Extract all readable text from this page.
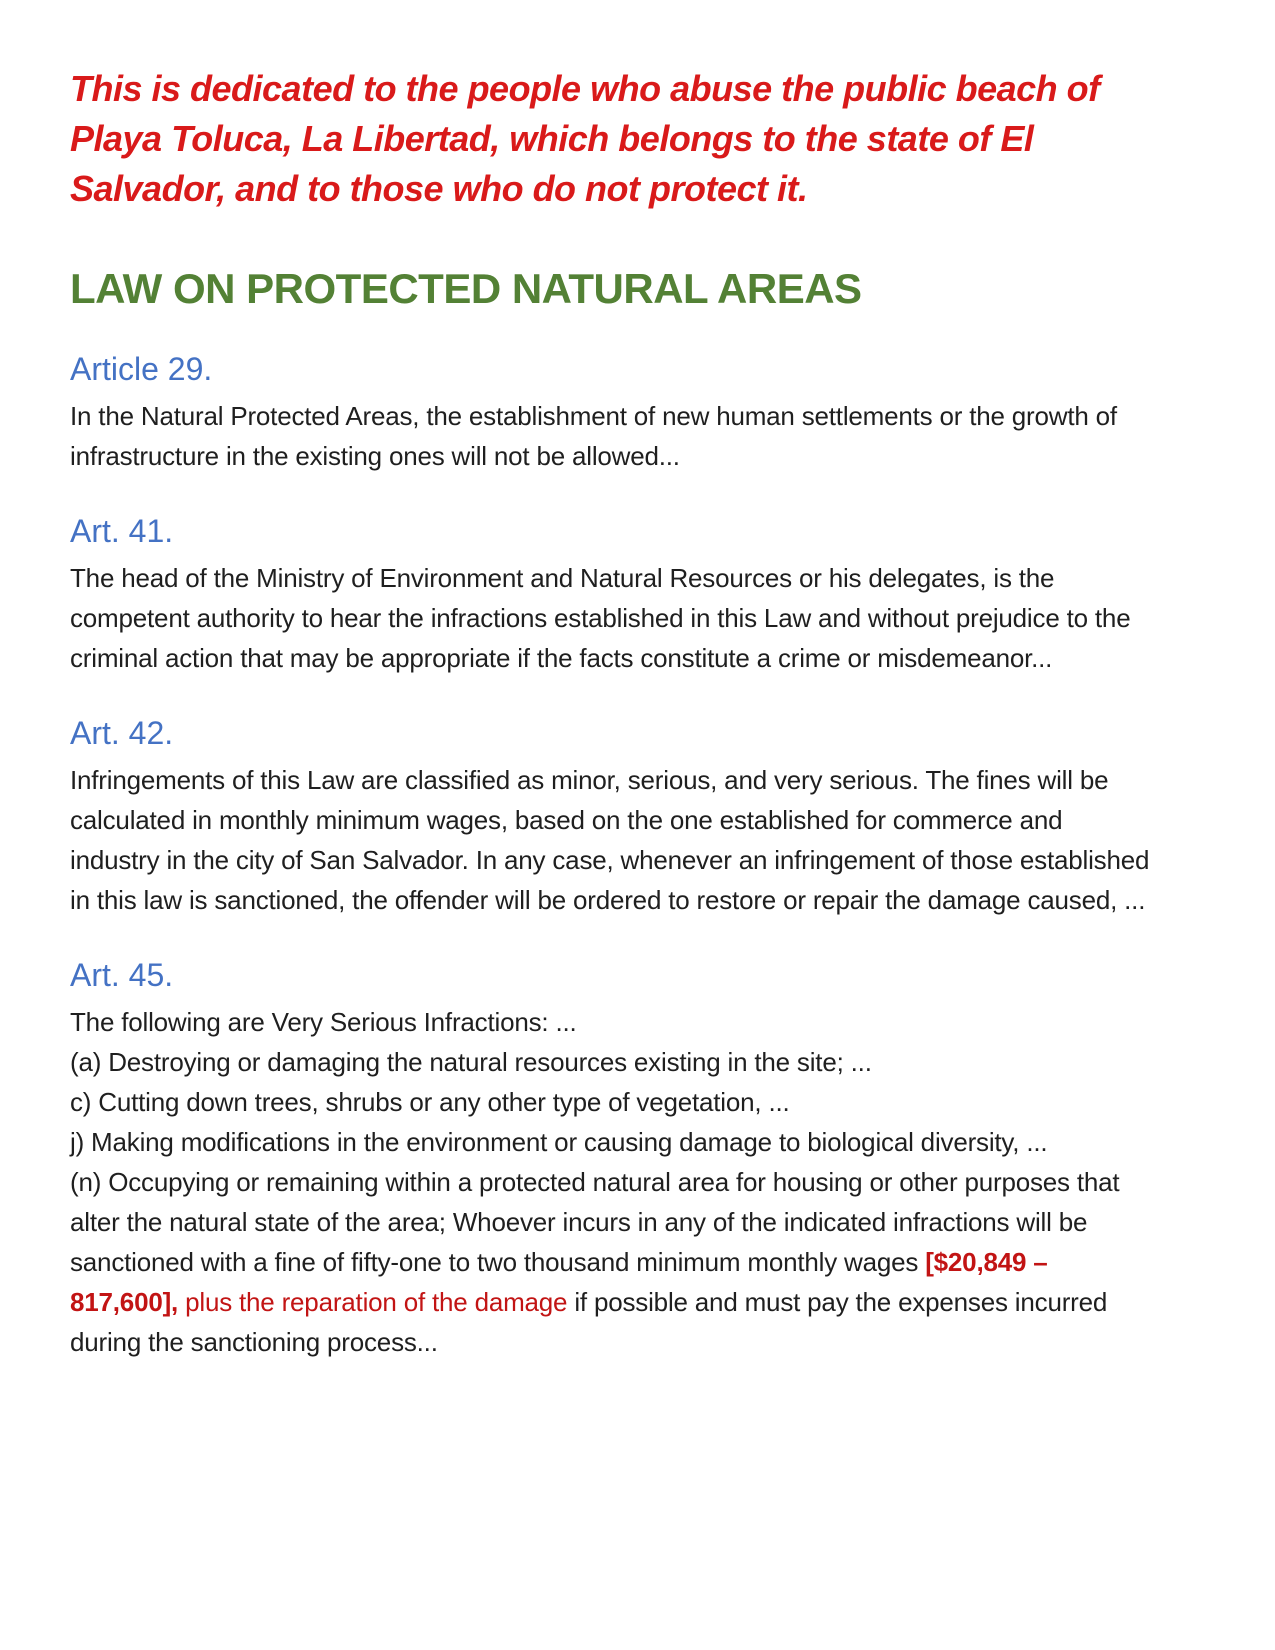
This is dedicated to the people who abuse the public beach of Playa Toluca, La Libertad, which belongs to the state of El Salvador, and to those who do not protect it.

LAW ON PROTECTED NATURAL AREAS
Article 29.

In the Natural Protected Areas, the establishment of new human settlements or the growth of infrastructure in the existing ones will not be allowed...

Art. 41.

The head of the Ministry of Environment and Natural Resources or his delegates, is the competent authority to hear the infractions established in this Law and without prejudice to the criminal action that may be appropriate if the facts constitute a crime or misdemeanor...

Art. 42.

Infringements of this Law are classified as minor, serious, and very serious. The fines will be calculated in monthly minimum wages, based on the one established for commerce and industry in the city of San Salvador. In any case, whenever an infringement of those established in this law is sanctioned, the offender will be ordered to restore or repair the damage caused, ...

Art. 45.

The following are Very Serious Infractions: ...

(a) Destroying or damaging the natural resources existing in the site; ...

c) Cutting down trees, shrubs or any other type of vegetation, ...

j) Making modifications in the environment or causing damage to biological diversity, ...

(n) Occupying or remaining within a protected natural area for housing or other purposes that alter the natural state of the area; Whoever incurs in any of the indicated infractions will be sanctioned with a fine of fifty-one to two thousand minimum monthly wages [$20,849 – 817,600], plus the reparation of the damage if possible and must pay the expenses incurred during the sanctioning process...
